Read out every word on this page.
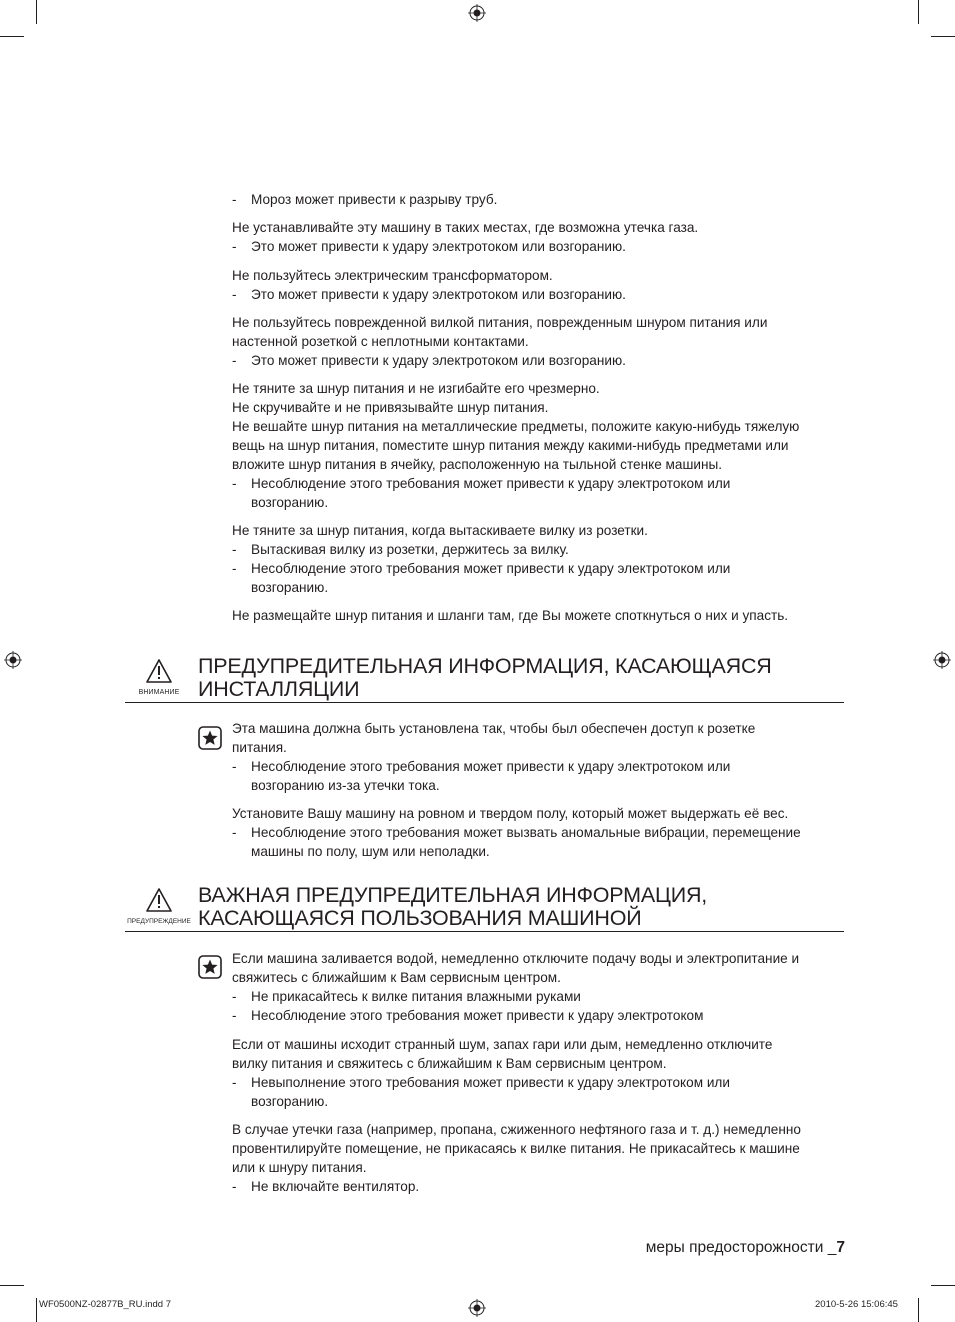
- Мороз может привести к разрыву труб.

Не устанавливайте эту машину в таких местах, где возможна утечка газа.

- Это может привести к удару электротоком или возгоранию.

Не пользуйтесь электрическим трансформатором.

- Это может привести к удару электротоком или возгоранию.

Не пользуйтесь поврежденной вилкой питания, поврежденным шнуром питания или
настенной розеткой с неплотными контактами.

- Это может привести к удару электротоком или возгоранию.

Не тяните за шнур питания и не изгибайте его чрезмерно.
Не скручивайте и не привязывайте шнур питания.
Не вешайте шнур питания на металлические предметы, положите какую-нибудь тяжелую
вещь на шнур питания, поместите шнур питания между какими-нибудь предметами или
вложите шнур питания в ячейку, расположенную на тыльной стенке машины.

- Несоблюдение этого требования может привести к удару электротоком или
возгоранию.

Не тяните за шнур питания, когда вытаскиваете вилку из розетки.

- Вытаскивая вилку из розетки, держитесь за вилку.
- Несоблюдение этого требования может привести к удару электротоком или
возгоранию.

Не размещайте шнур питания и шланги там, где Вы можете споткнуться о них и упасть.

ВНИМАНИЕ
ПРЕДУПРЕДИТЕЛЬНАЯ ИНФОРМАЦИЯ, КАСАЮЩАЯСЯ
ИНСТАЛЛЯЦИИ

Эта машина должна быть установлена так, чтобы был обеспечен доступ к розетке
питания.

- Несоблюдение этого требования может привести к удару электротоком или
возгоранию из-за утечки тока.

Установите Вашу машину на ровном и твердом полу, который может выдержать её вес.

- Несоблюдение этого требования может вызвать аномальные вибрации, перемещение
машины по полу, шум или неполадки.
ПРЕДУПРЕЖДЕНИЕ
ВАЖНАЯ ПРЕДУПРЕДИТЕЛЬНАЯ ИНФОРМАЦИЯ,
КАСАЮЩАЯСЯ ПОЛЬЗОВАНИЯ МАШИНОЙ

Если машина заливается водой, немедленно отключите подачу воды и электропитание и
свяжитесь с ближайшим к Вам сервисным центром.

- Не прикасайтесь к вилке питания влажными руками
- Несоблюдение этого требования может привести к удару электротоком

Если от машины исходит странный шум, запах гари или дым, немедленно отключите
вилку питания и свяжитесь с ближайшим к Вам сервисным центром.

- Невыполнение этого требования может привести к удару электротоком или
возгоранию.

В случае утечки газа (например, пропана, сжиженного нефтяного газа и т. д.) немедленно
провентилируйте помещение, не прикасаясь к вилке питания. Не прикасайтесь к машине
или к шнуру питания.

- Не включайте вентилятор.
меры предосторожности _7
WF0500NZ-02877B_RU.indd 7	2010-5-26 15:06:45
